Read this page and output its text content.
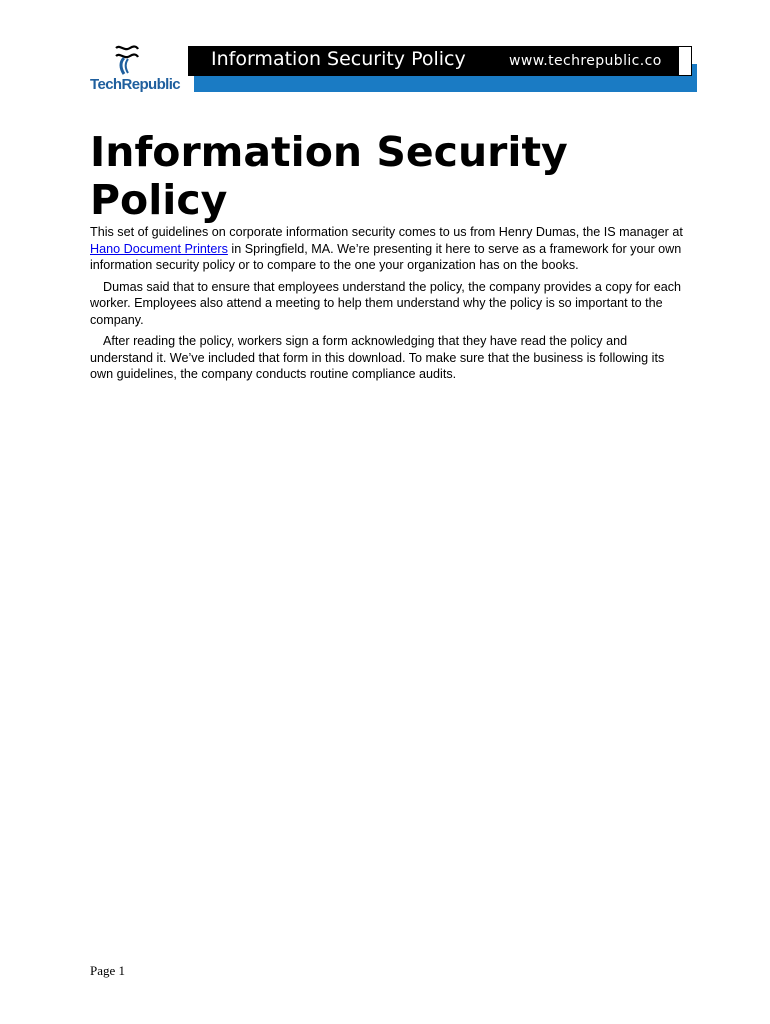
TechRepublic
Information Security Policy	www.techrepublic.co
Information Security Policy

This set of guidelines on corporate information security comes to us from Henry Dumas, the IS manager at Hano Document Printers in Springfield, MA. We’re presenting it here to serve as a framework for your own information security policy or to compare to the one your organization has on the books.

Dumas said that to ensure that employees understand the policy, the company provides a copy for each worker. Employees also attend a meeting to help them understand why the policy is so important to the company.

After reading the policy, workers sign a form acknowledging that they have read the policy and understand it. We’ve included that form in this download. To make sure that the business is following its own guidelines, the company conducts routine compliance audits.

Page 1
